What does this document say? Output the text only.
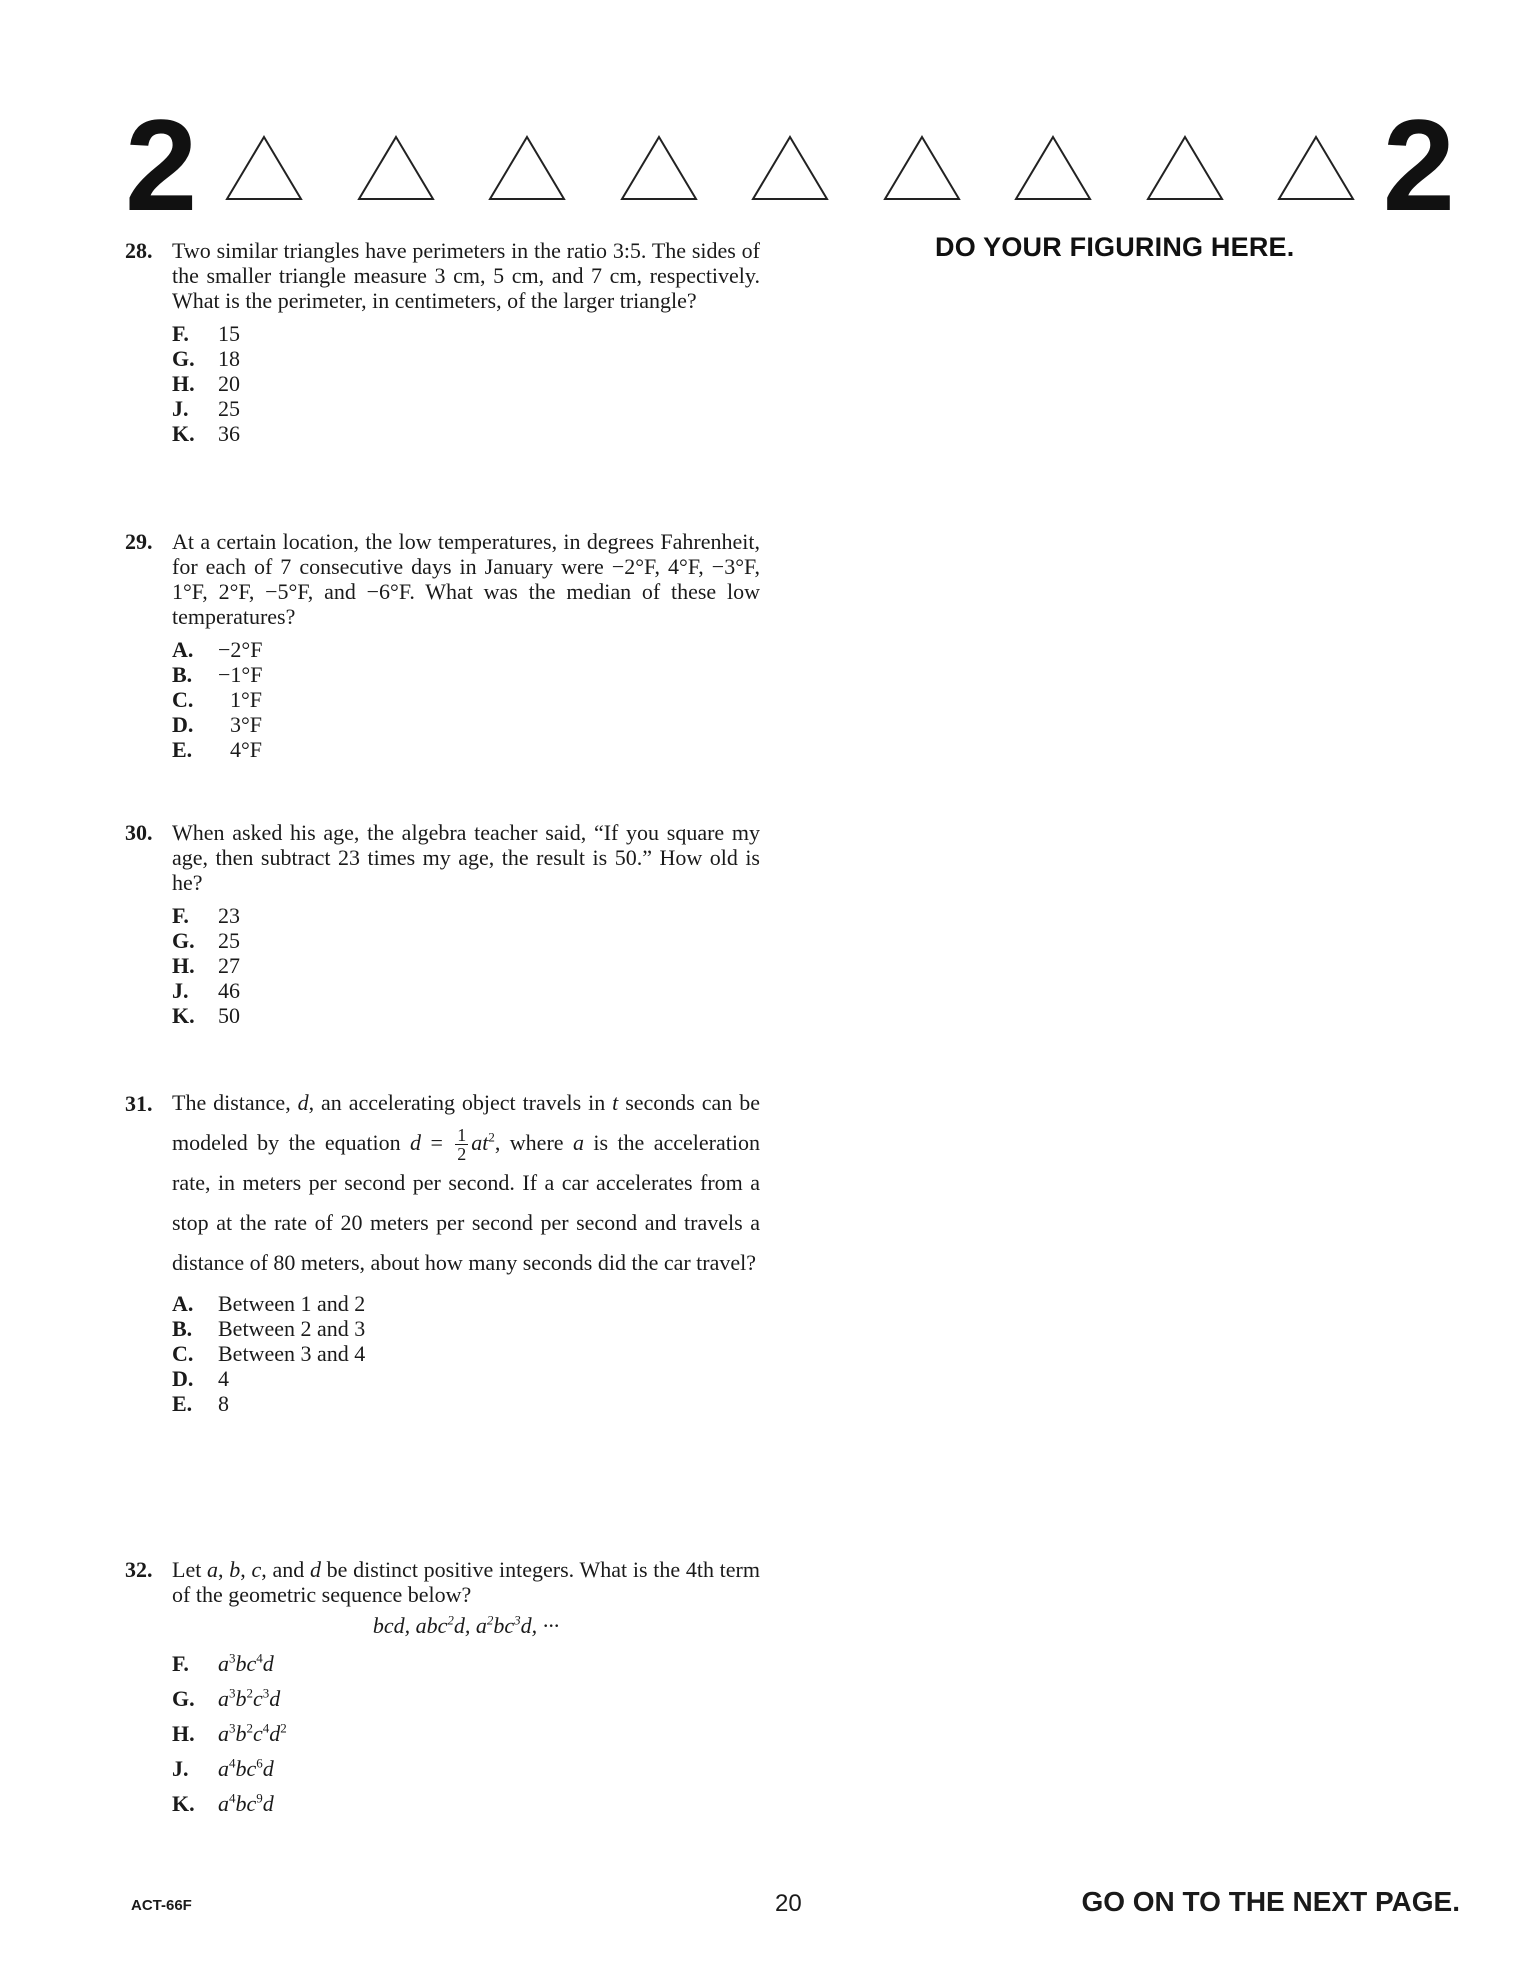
2	2
DO YOUR FIGURING HERE.
28. Two similar triangles have perimeters in the ratio 3:5. The sides of the smaller triangle measure 3 cm, 5 cm, and 7 cm, respectively. What is the perimeter, in centimeters, of the larger triangle?
F. 15
G. 18
H. 20
J. 25
K. 36
29. At a certain location, the low temperatures, in degrees Fahrenheit, for each of 7 consecutive days in January were −2°F, 4°F, −3°F, 1°F, 2°F, −5°F, and −6°F. What was the median of these low temperatures?
A. −2°F
B. −1°F
C. 1°F
D. 3°F
E. 4°F
30. When asked his age, the algebra teacher said, “If you square my age, then subtract 23 times my age, the result is 50.” How old is he?
F. 23
G. 25
H. 27
J. 46
K. 50
31. The distance, d, an accelerating object travels in t seconds can be modeled by the equation $d = \frac{1}{2} at^2$, where a is the acceleration rate, in meters per second per second. If a car accelerates from a stop at the rate of 20 meters per second per second and travels a distance of 80 meters, about how many seconds did the car travel?
A. Between 1 and 2
B. Between 2 and 3
C. Between 3 and 4
D. 4
E. 8
32. Let a, b, c, and d be distinct positive integers. What is the 4th term of the geometric sequence below?
bcd, abc$^2$d, $a^2bc^3d$, ···
F. $a^3bc^4d$
G. $a^3b^2c^3d$
H. $a^3b^2c^4d^2$
J. $a^4bc^6d$
K. $a^4bc^9d$
ACT-66F	20	GO ON TO THE NEXT PAGE.
